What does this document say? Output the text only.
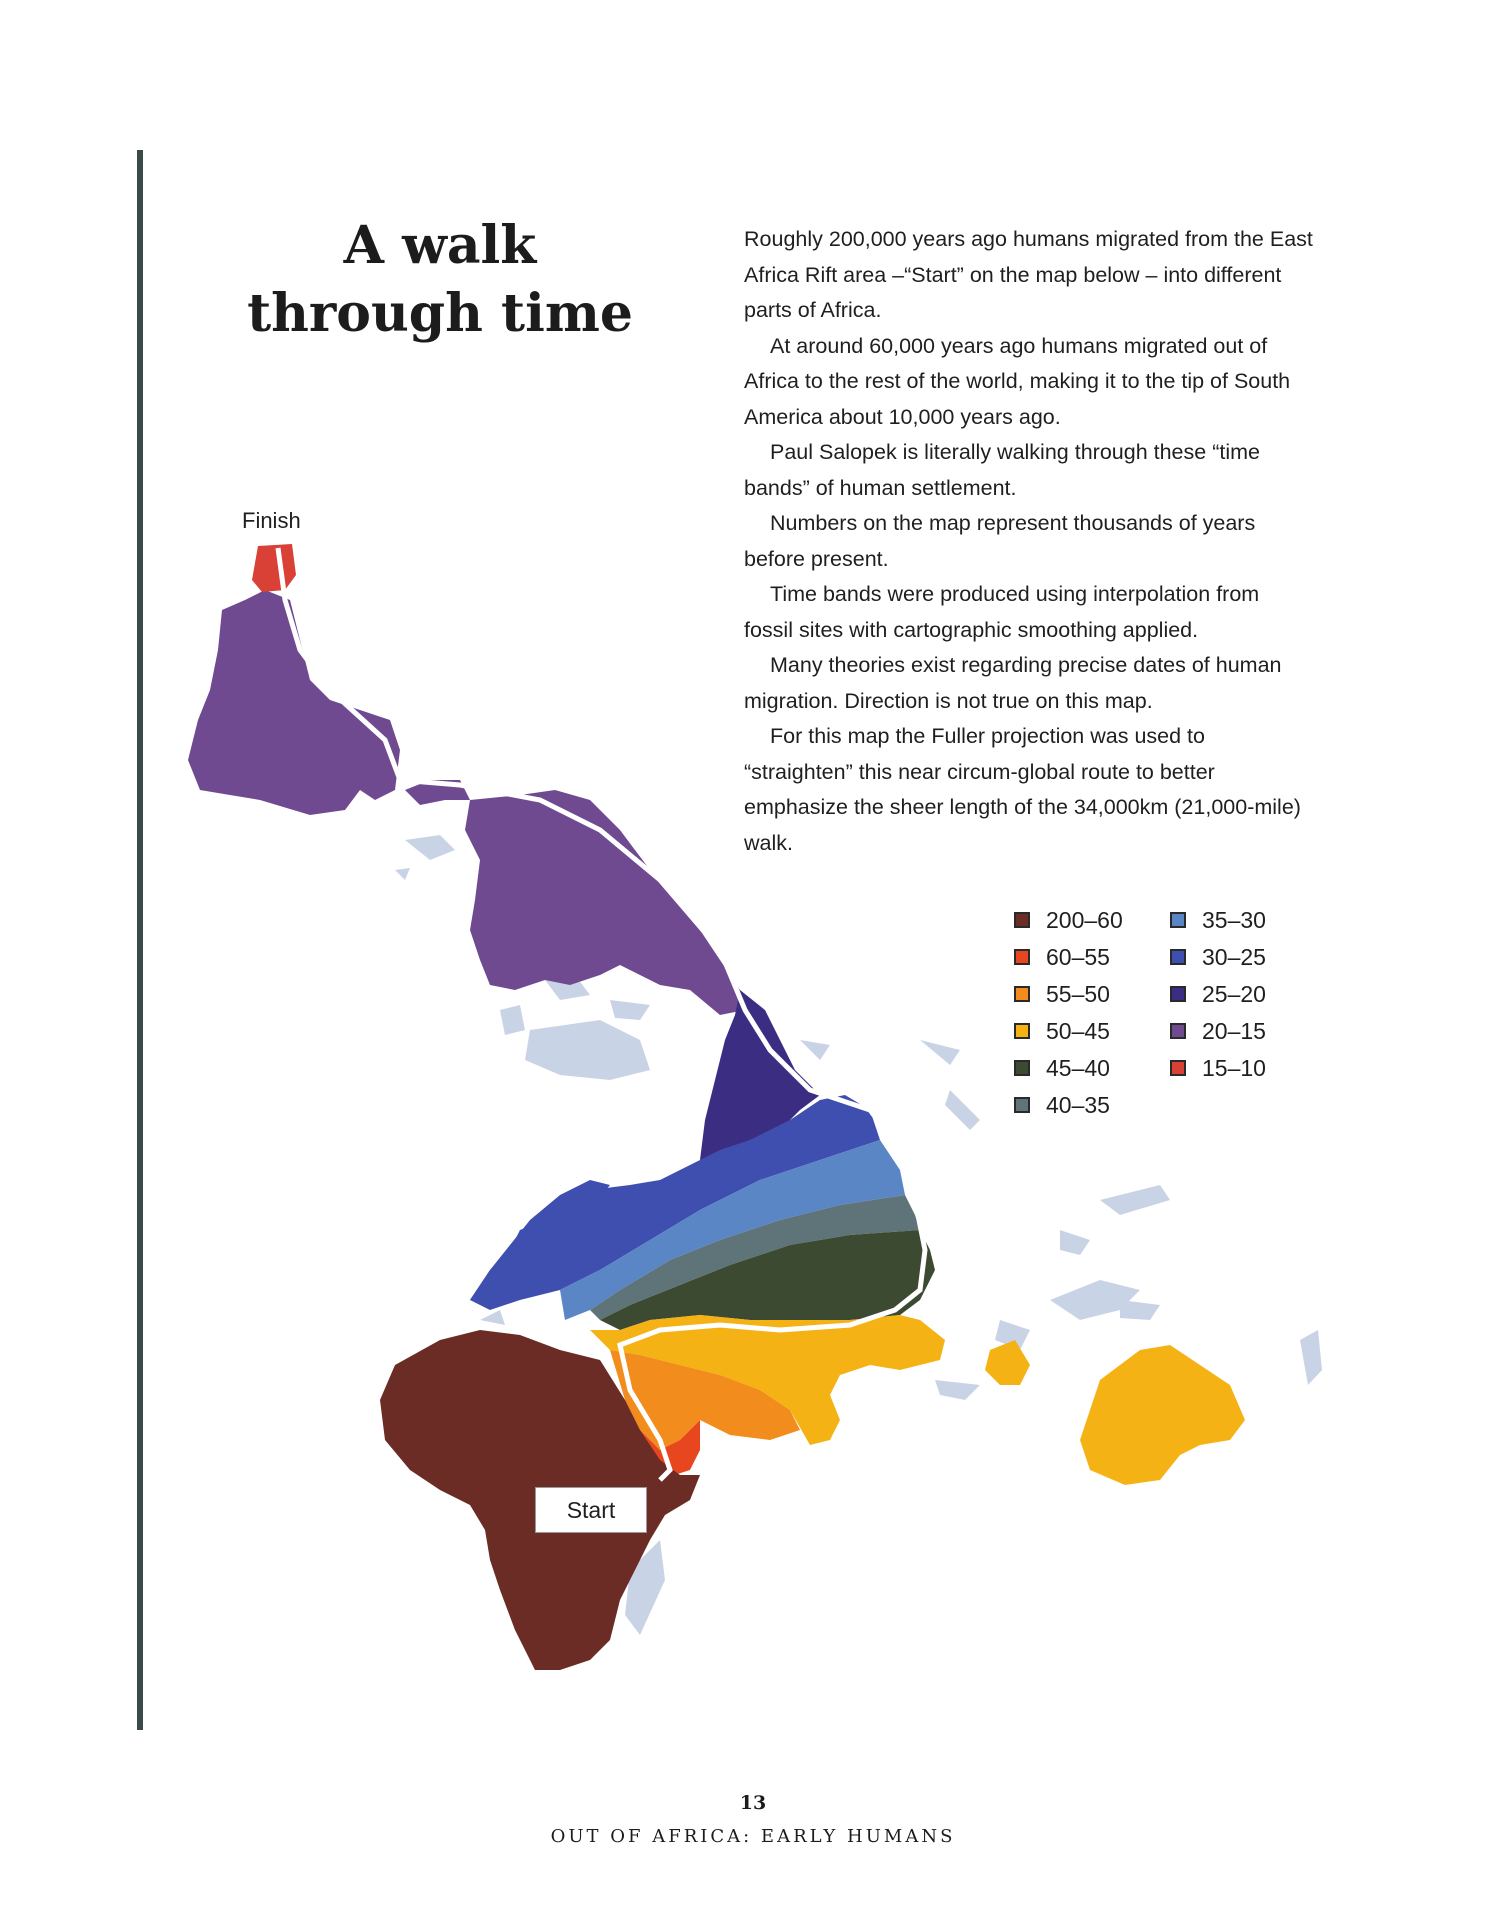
A walk
through time

Roughly 200,000 years ago humans migrated from the East Africa Rift area –“Start” on the map below – into different parts of Africa.

At around 60,000 years ago humans migrated out of Africa to the rest of the world, making it to the tip of South America about 10,000 years ago.

Paul Salopek is literally walking through these “time bands” of human settlement.

Numbers on the map represent thousands of years before present.

Time bands were produced using interpolation from fossil sites with cartographic smoothing applied.

Many theories exist regarding precise dates of human migration. Direction is not true on this map.

For this map the Fuller projection was used to “straighten” this near circum-global route to better emphasize the sheer length of the 34,000km (21,000-mile) walk.

Finish
Start
200–60
60–55
55–50
50–45
45–40
40–35
35–30
30–25
25–20
20–15
15–10
13
OUT OF AFRICA: EARLY HUMANS
